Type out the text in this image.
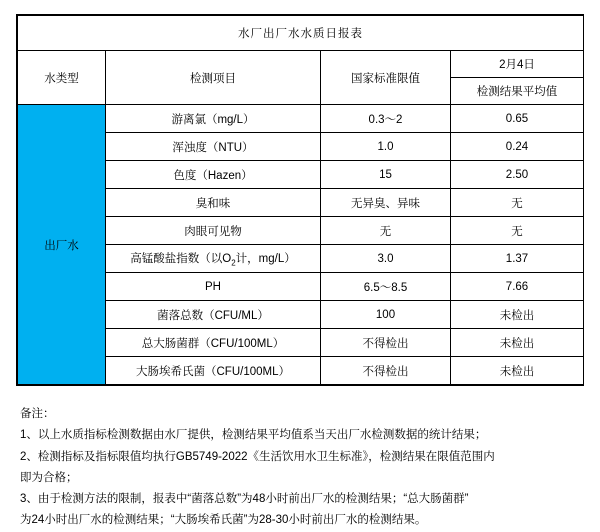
水厂出厂水水质日报表			
水类型	检测项目	国家标准限值	2月4日
			检测结果平均值
出厂水	游离氯（mg/L）	0.3～2	0.65
	浑浊度（NTU）	1.0	0.24
	色度（Hazen）	15	2.50
	臭和味	无异臭、异味	无
	肉眼可见物	无	无
	高锰酸盐指数（以$O_2$计，mg/L）	3.0	1.37
	PH	6.5～8.5	7.66
	菌落总数（CFU/ML）	100	未检出
	总大肠菌群（CFU/100ML）	不得检出	未检出
	大肠埃希氏菌（CFU/100ML）	不得检出	未检出
备注：
1、以上水质指标检测数据由水厂提供，检测结果平均值系当天出厂水检测数据的统计结果；
2、检测指标及指标限值均执行GB5749-2022《生活饮用水卫生标准》，检测结果在限值范围内
即为合格；
3、由于检测方法的限制，报表中“菌落总数”为48小时前出厂水的检测结果；“总大肠菌群”
为24小时出厂水的检测结果；“大肠埃希氏菌”为28-30小时前出厂水的检测结果。
